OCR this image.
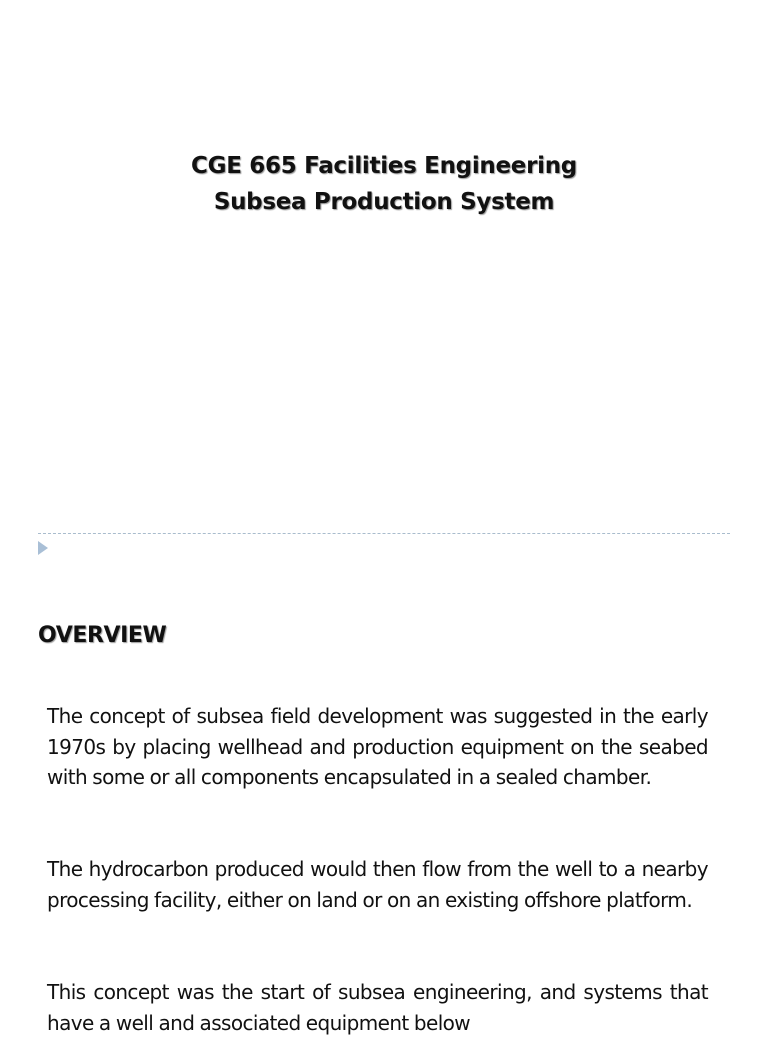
CGE 665 Facilities Engineering
Subsea Production System
OVERVIEW

The concept of subsea field development was suggested in the early 1970s by placing wellhead and production equipment on the seabed with some or all components encapsulated in a sealed chamber.

The hydrocarbon produced would then flow from the well to a nearby processing facility, either on land or on an existing offshore platform.

This concept was the start of subsea engineering, and systems that have a well and associated equipment below
